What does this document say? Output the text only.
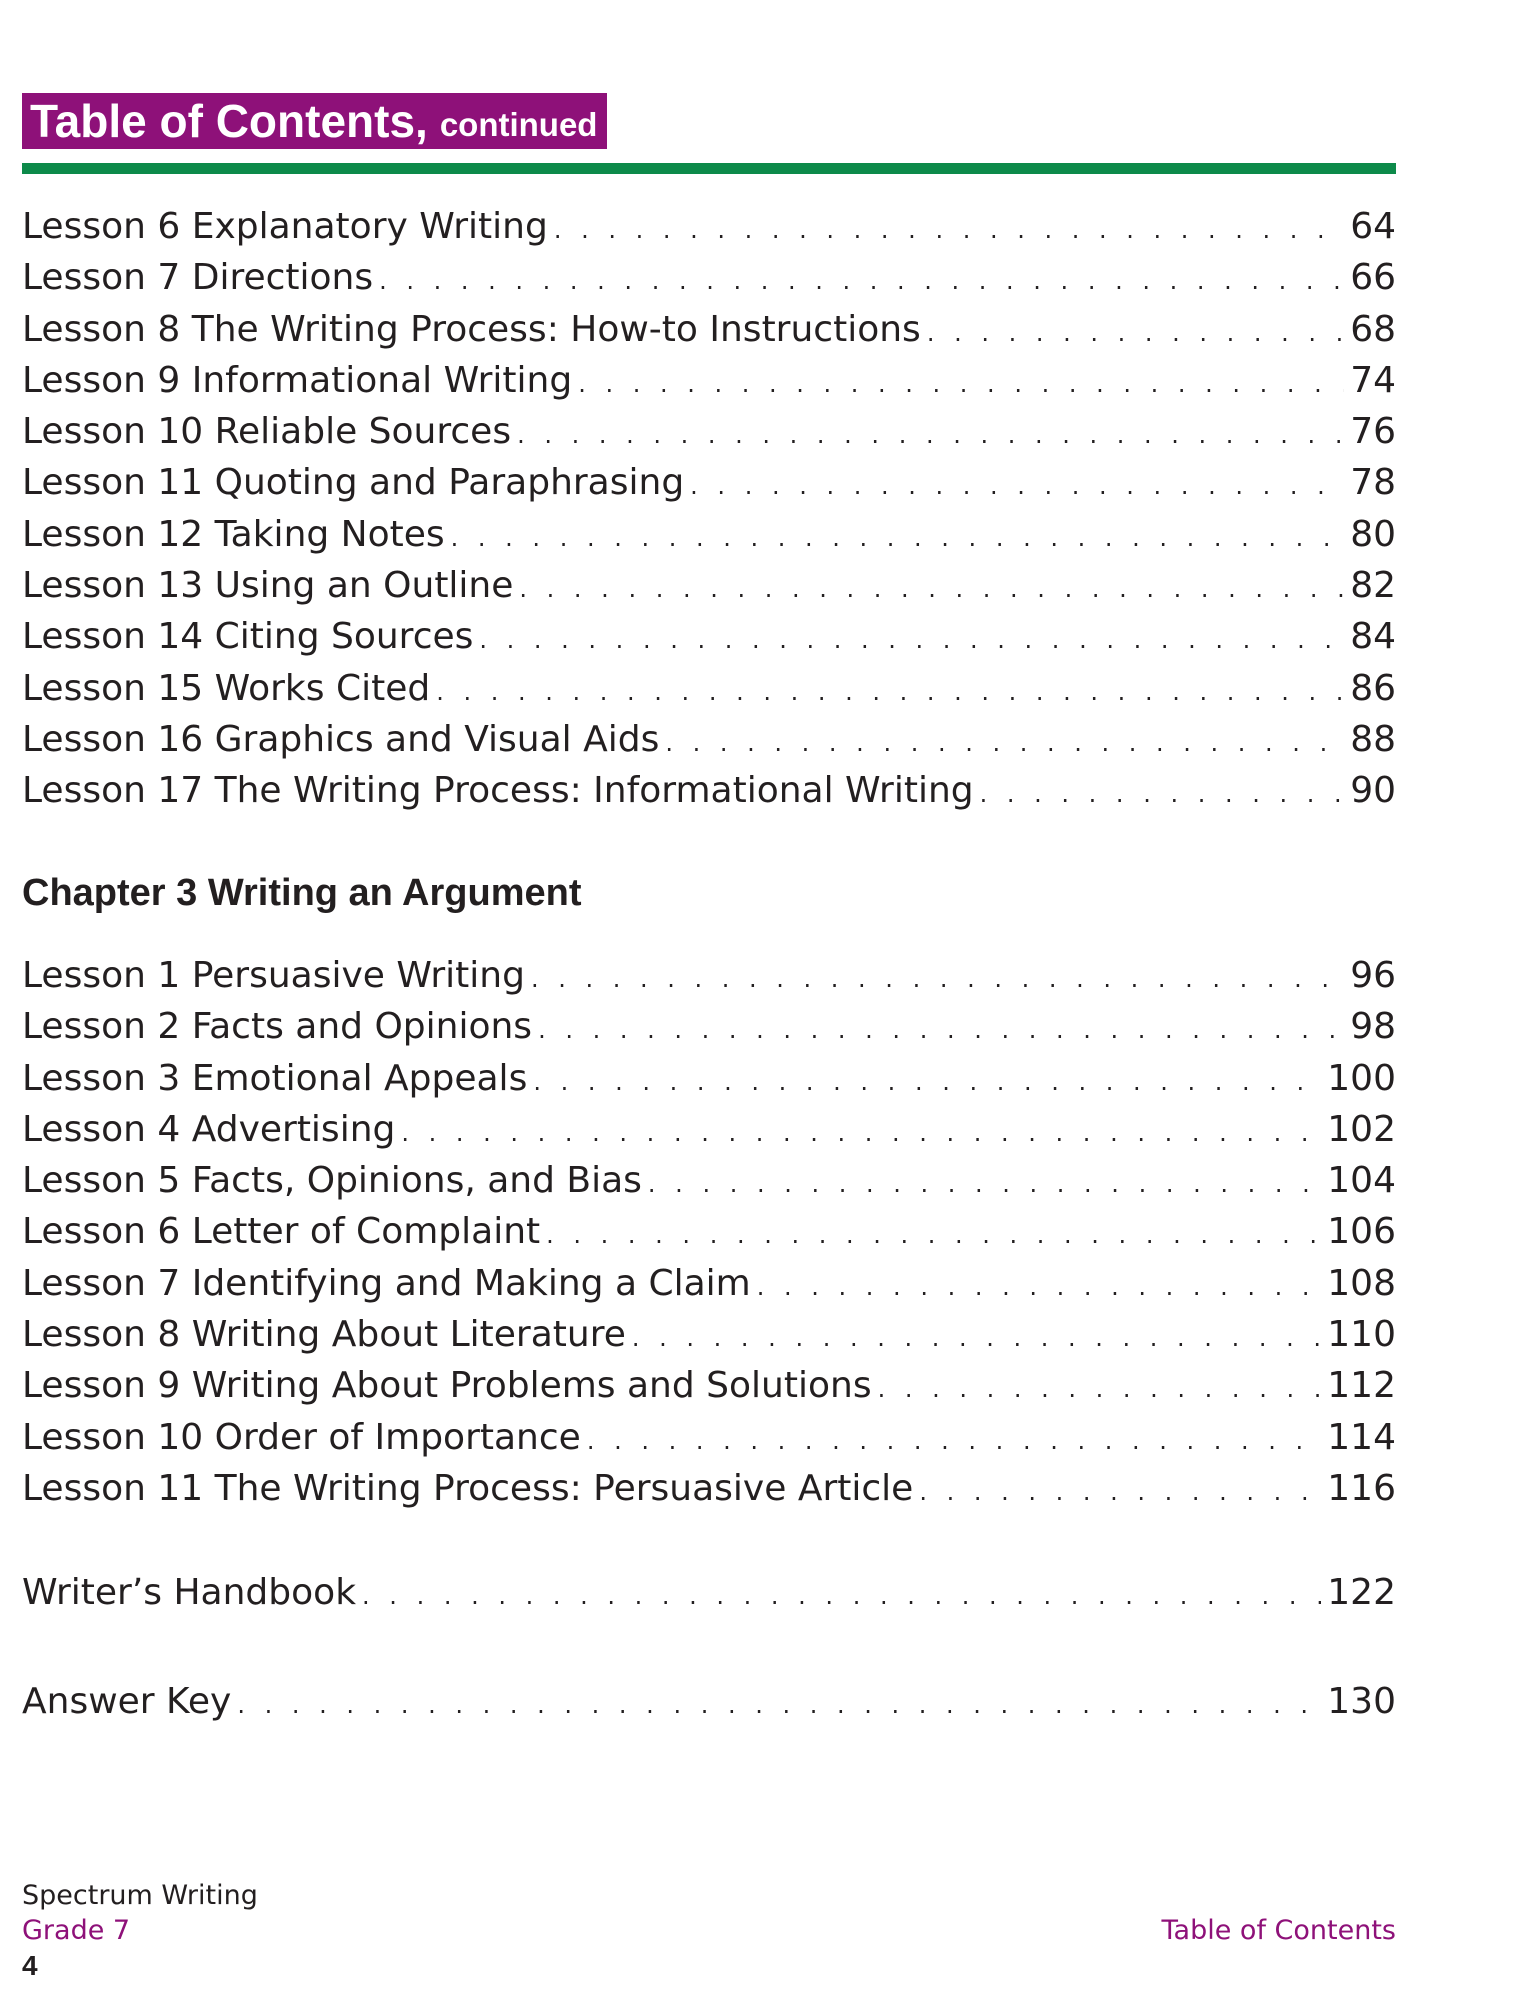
Table of Contents, continued
Lesson 6 Explanatory Writing . . .	64
Lesson 7 Directions . . .	66
Lesson 8 The Writing Process: How-to Instructions . . .	68
Lesson 9 Informational Writing . . .	74
Lesson 10 Reliable Sources . . .	76
Lesson 11 Quoting and Paraphrasing . . .	78
Lesson 12 Taking Notes . . .	80
Lesson 13 Using an Outline . . .	82
Lesson 14 Citing Sources . . .	84
Lesson 15 Works Cited . . .	86
Lesson 16 Graphics and Visual Aids . . .	88
Lesson 17 The Writing Process: Informational Writing . . .	90
Chapter 3 Writing an Argument
Lesson 1 Persuasive Writing . . .	96
Lesson 2 Facts and Opinions . . .	98
Lesson 3 Emotional Appeals . . .	100
Lesson 4 Advertising . . .	102
Lesson 5 Facts, Opinions, and Bias . . .	104
Lesson 6 Letter of Complaint . . .	106
Lesson 7 Identifying and Making a Claim . . .	108
Lesson 8 Writing About Literature . . .	110
Lesson 9 Writing About Problems and Solutions . . .	112
Lesson 10 Order of Importance . . .	114
Lesson 11 The Writing Process: Persuasive Article . . .	116
Writer’s Handbook . . .	122
Answer Key . . .	130
Spectrum Writing
Grade 7	Table of Contents
4
